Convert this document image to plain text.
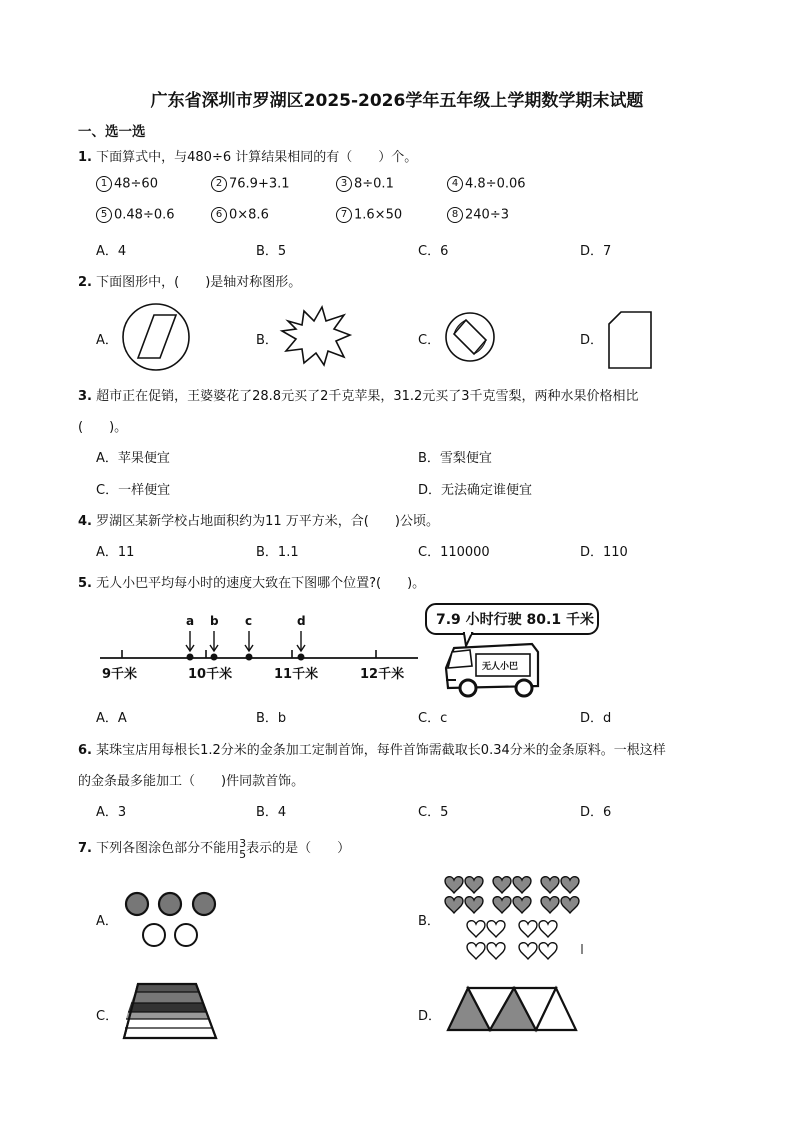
广东省深圳市罗湖区2025-2026学年五年级上学期数学期末试题
一、选一选
1. 下面算式中，与480÷6 计算结果相同的有（　　）个。
1 48÷60	2 76.9+3.1	3 8÷0.1	4 4.8÷0.06
5 0.48÷0.6	6 0×8.6	7 1.6×50	8 240÷3
A．4	B．5	C．6	D．7
2. 下面图形中，(　　)是轴对称图形。
A．	B．	C．	D．
3. 超市正在促销，王婆婆花了28.8元买了2千克苹果，31.2元买了3千克雪梨，两种水果价格相比
(　　)。
A．苹果便宜	B．雪梨便宜
C．一样便宜	D．无法确定谁便宜
4. 罗湖区某新学校占地面积约为11 万平方米，合(　　)公顷。
A．11	B．1.1	C．110000	D．110
5. 无人小巴平均每小时的速度大致在下图哪个位置?(　　)。
a b c	d
9千米	10千米	11千米	12千米
7.9 小时行驶 80.1 千米
无人小巴
A．A	B．b	C．c	D．d
6. 某珠宝店用每根长1.2分米的金条加工定制首饰，每件首饰需截取长0.34分米的金条原料。一根这样
的金条最多能加工（　　)件同款首饰。
A．3	B．4	C．5	D．6
7. 下列各图涂色部分不能用 3
5 表示的是（　　）
A．	B．
C．	D．
